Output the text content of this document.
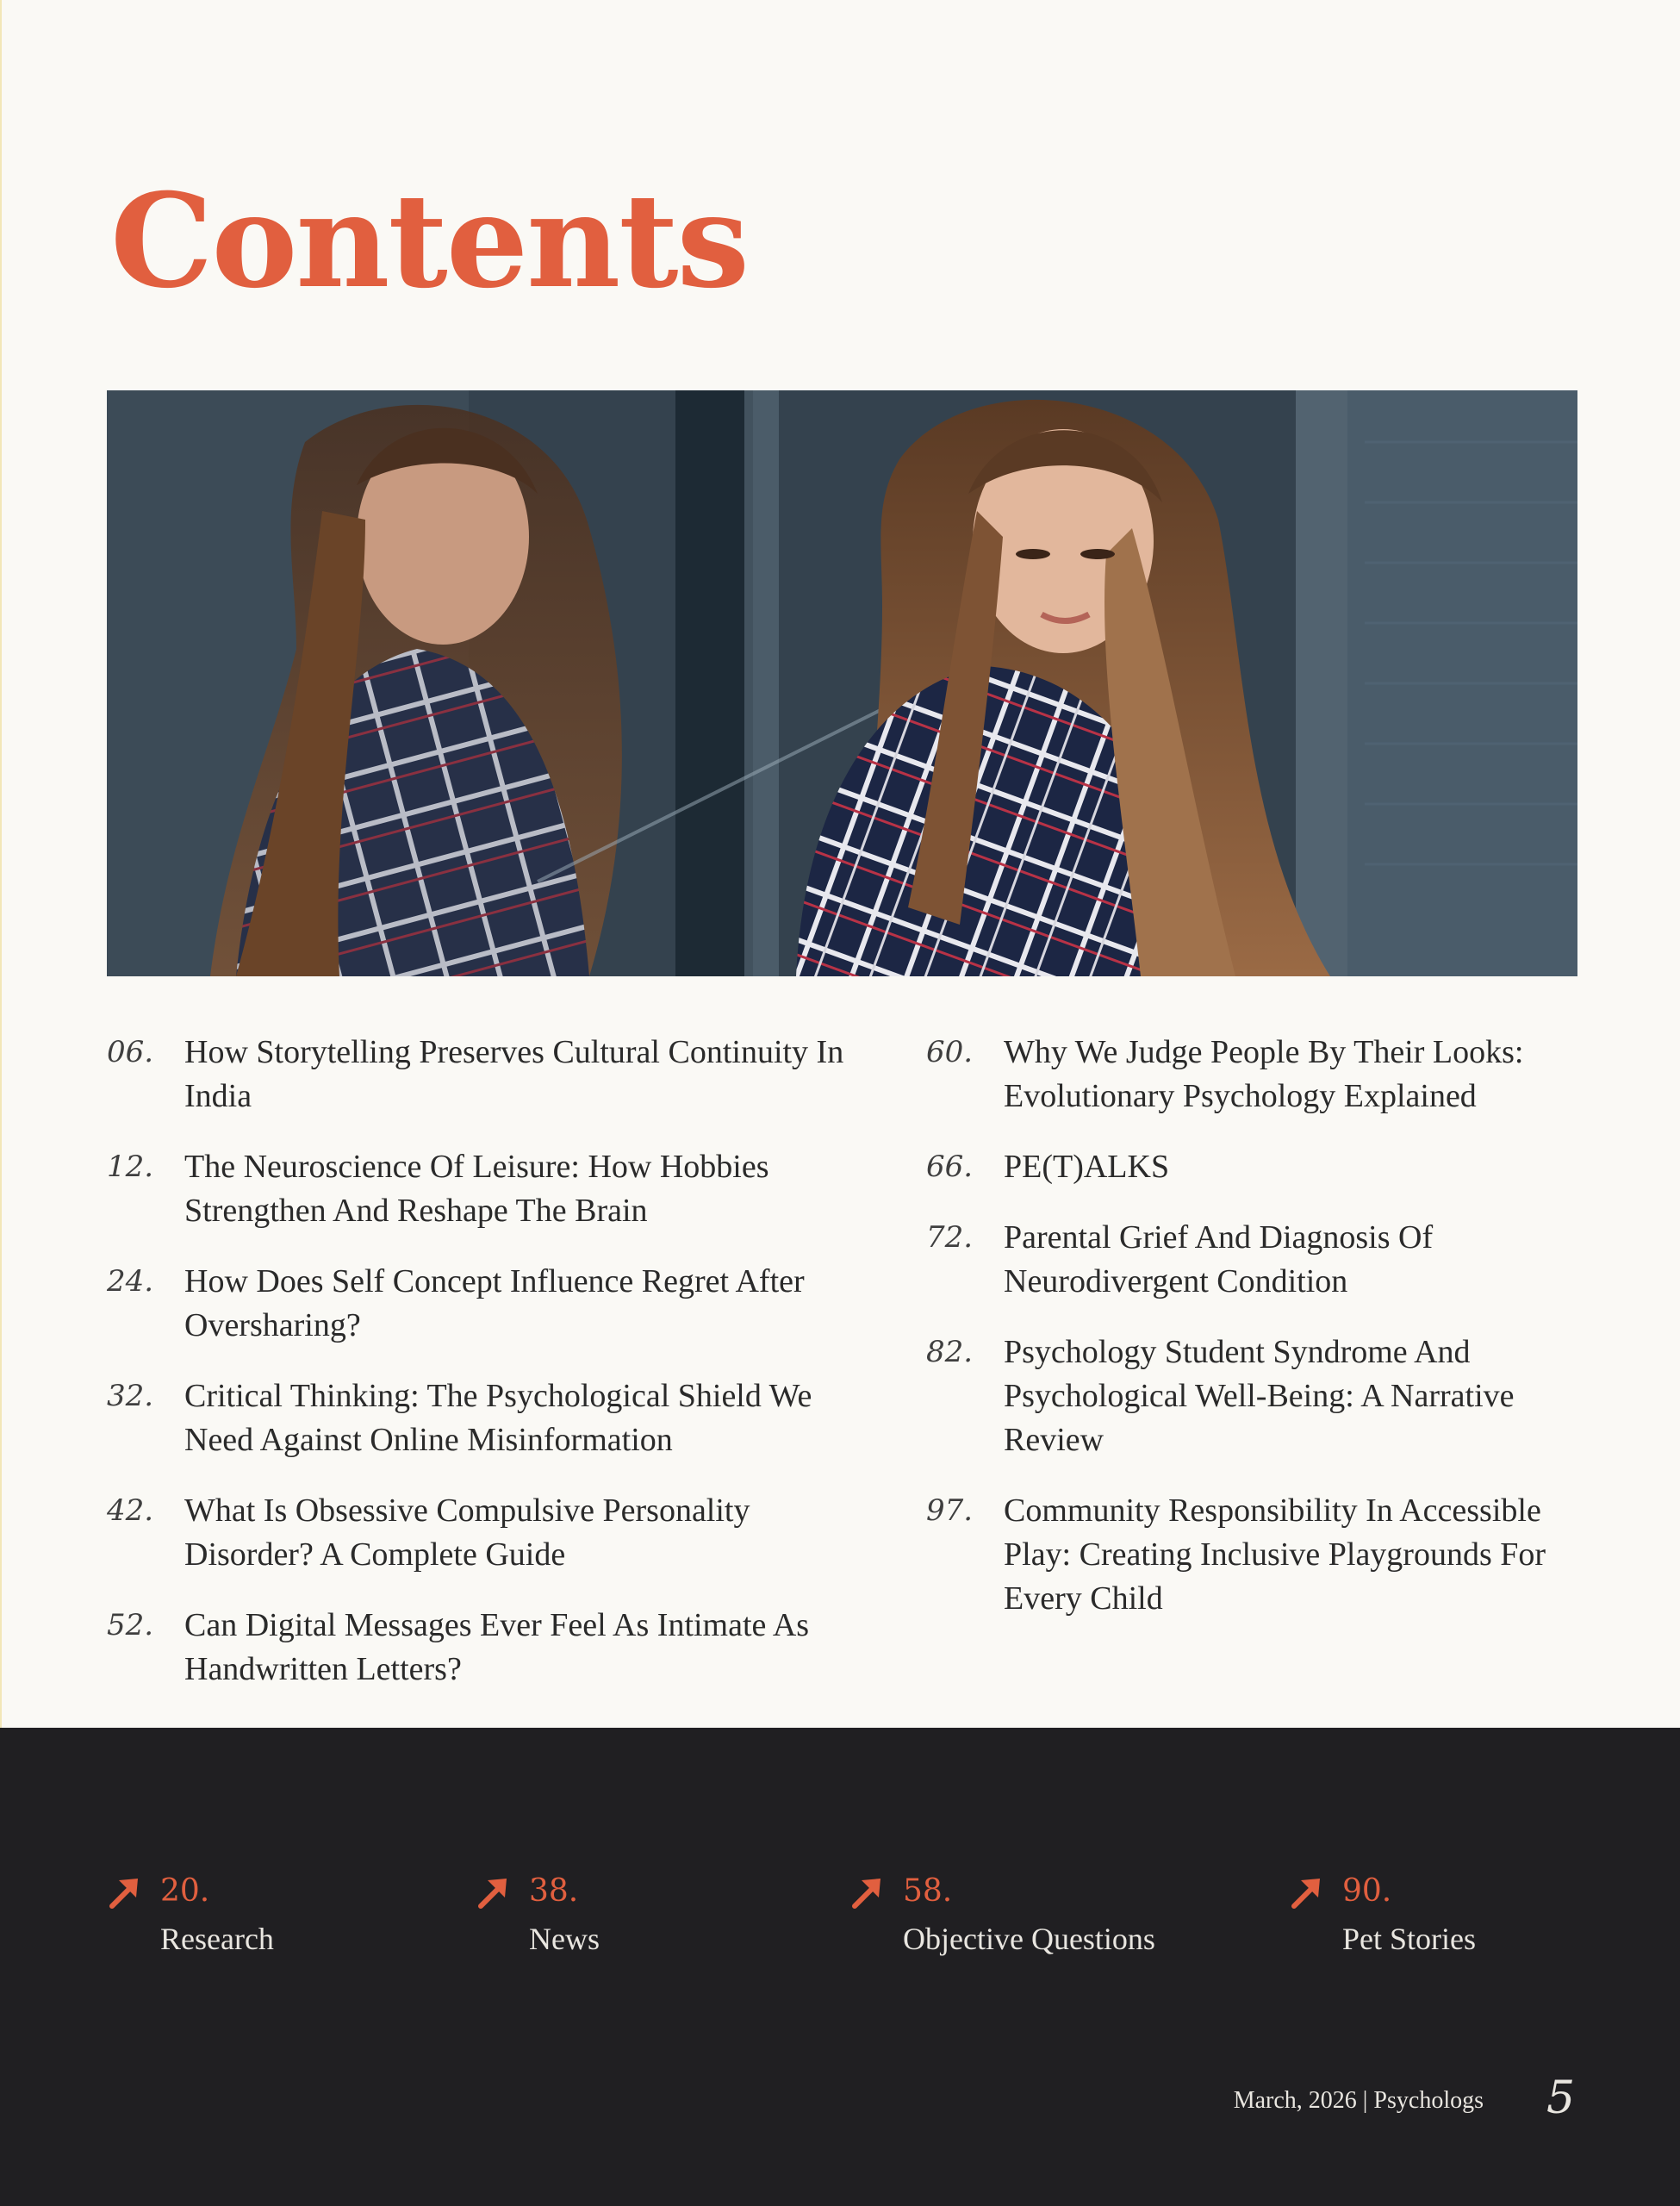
Contents
06. How Storytelling Preserves Cultural Continuity In India
12. The Neuroscience Of Leisure: How Hobbies Strengthen And Reshape The Brain
24. How Does Self Concept Influence Regret After Oversharing?
32. Critical Thinking: The Psychological Shield We Need Against Online Misinformation
42. What Is Obsessive Compulsive Personality Disorder? A Complete Guide
52. Can Digital Messages Ever Feel As Intimate As Handwritten Letters?
60. Why We Judge People By Their Looks: Evolutionary Psychology Explained
66. PE(T)ALKS
72. Parental Grief And Diagnosis Of Neurodivergent Condition
82. Psychology Student Syndrome And Psychological Well-Being: A Narrative Review
97. Community Responsibility In Accessible Play: Creating Inclusive Playgrounds For Every Child
20.
Research
38.
News
58.
Objective Questions
90.
Pet Stories
March, 2026 | Psychologs 5
